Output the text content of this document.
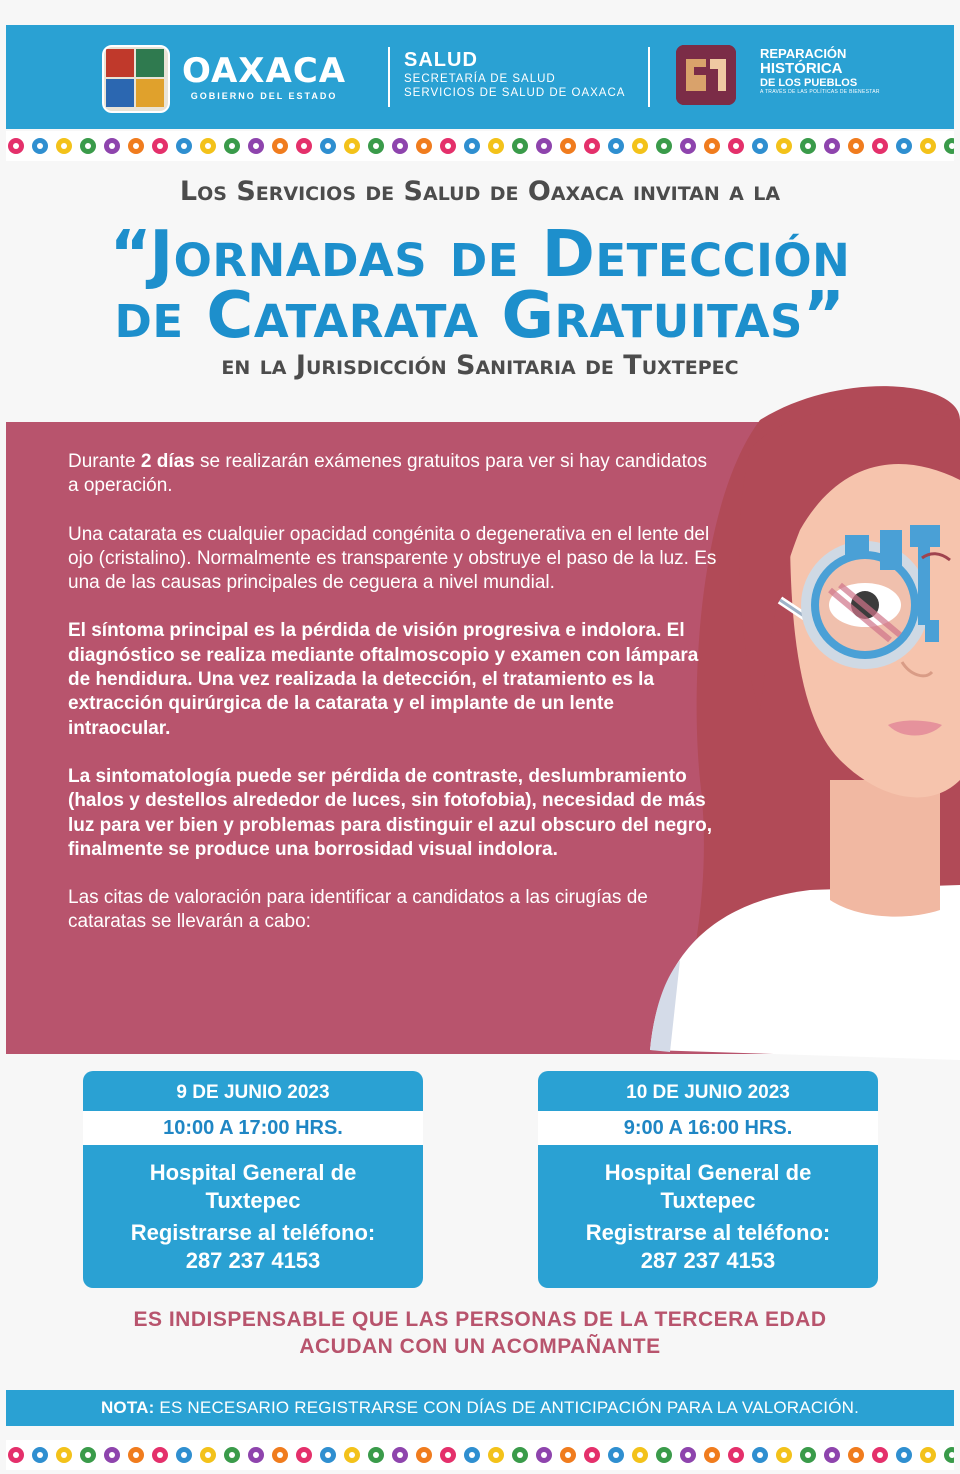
OAXACA
GOBIERNO DEL ESTADO
SALUD
SECRETARÍA DE SALUD
SERVICIOS DE SALUD DE OAXACA
REPARACIÓN
HISTÓRICA
DE LOS PUEBLOS
A TRAVÉS DE LAS POLÍTICAS DE BIENESTAR
Los Servicios de Salud de Oaxaca invitan a la
“Jornadas de Detección
de Catarata Gratuitas”
en la Jurisdicción Sanitaria de Tuxtepec

Durante 2 días se realizarán exámenes gratuitos para ver si hay candidatos a operación.

Una catarata es cualquier opacidad congénita o degenerativa en el lente del ojo (cristalino). Normalmente es transparente y obstruye el paso de la luz. Es una de las causas principales de ceguera a nivel mundial.

El síntoma principal es la pérdida de visión progresiva e indolora. El diagnóstico se realiza mediante oftalmoscopio y examen con lámpara de hendidura. Una vez realizada la detección, el tratamiento es la extracción quirúrgica de la catarata y el implante de un lente intraocular.

La sintomatología puede ser pérdida de contraste, deslumbramiento (halos y destellos alrededor de luces, sin fotofobia), necesidad de más luz para ver bien y problemas para distinguir el azul obscuro del negro, finalmente se produce una borrosidad visual indolora.

Las citas de valoración para identificar a candidatos a las cirugías de cataratas se llevarán a cabo:

9 DE JUNIO 2023
10:00 A 17:00 HRS.
Hospital General de
Tuxtepec
Registrarse al teléfono:
287 237 4153
10 DE JUNIO 2023
9:00 A 16:00 HRS.
Hospital General de
Tuxtepec
Registrarse al teléfono:
287 237 4153
ES INDISPENSABLE QUE LAS PERSONAS DE LA TERCERA EDAD
ACUDAN CON UN ACOMPAÑANTE
NOTA: ES NECESARIO REGISTRARSE CON DÍAS DE ANTICIPACIÓN PARA LA VALORACIÓN.
